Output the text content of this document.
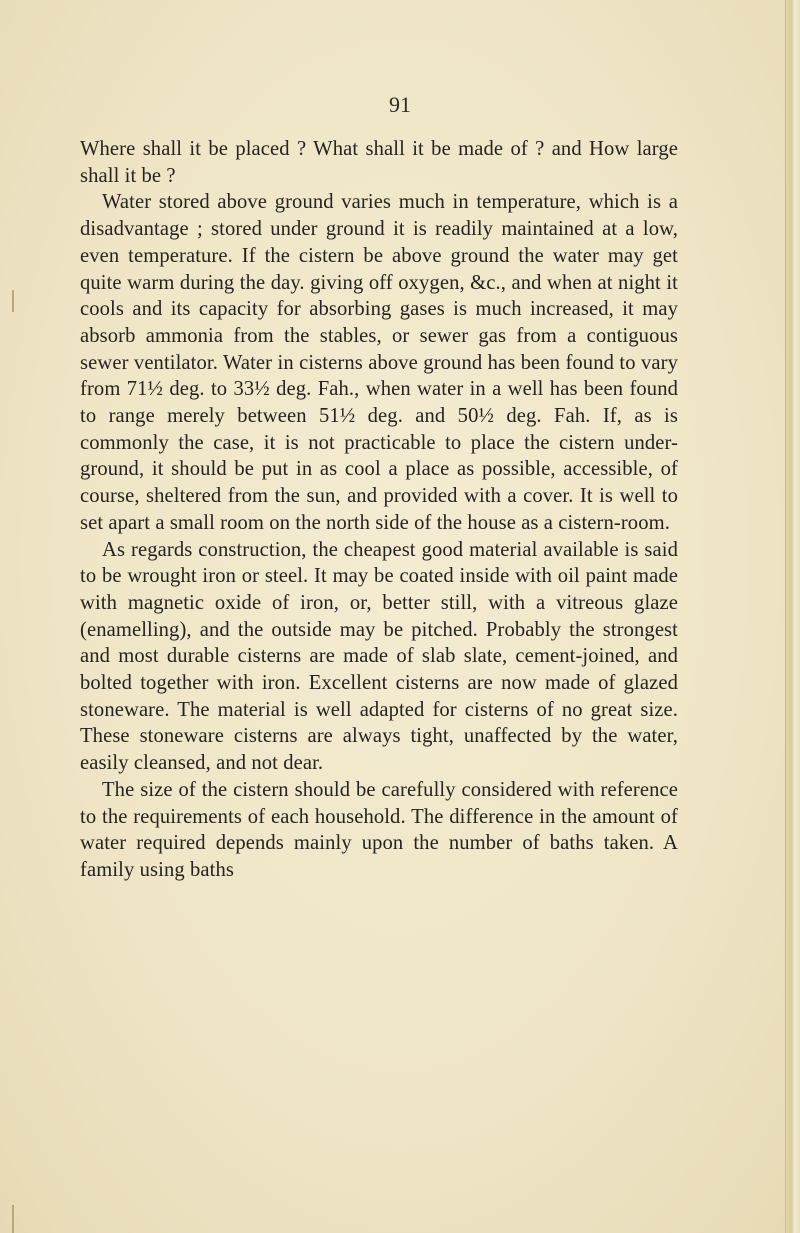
91

Where shall it be placed ? What shall it be made of ? and How large shall it be ?

Water stored above ground varies much in temperature, which is a disadvantage ; stored under ground it is readily maintained at a low, even temperature. If the cistern be above ground the water may get quite warm during the day. giving off oxygen, &c., and when at night it cools and its capacity for absorbing gases is much increased, it may absorb ammonia from the stables, or sewer gas from a contiguous sewer ventilator. Water in cisterns above ground has been found to vary from 71½ deg. to 33½ deg. Fah., when water in a well has been found to range merely between 51½ deg. and 50½ deg. Fah. If, as is commonly the case, it is not practicable to place the cistern under-ground, it should be put in as cool a place as possible, accessible, of course, sheltered from the sun, and provided with a cover. It is well to set apart a small room on the north side of the house as a cistern-room.

As regards construction, the cheapest good material available is said to be wrought iron or steel. It may be coated inside with oil paint made with magnetic oxide of iron, or, better still, with a vitreous glaze (enamelling), and the outside may be pitched. Probably the strongest and most durable cisterns are made of slab slate, cement-joined, and bolted together with iron. Excellent cisterns are now made of glazed stoneware. The material is well adapted for cisterns of no great size. These stoneware cisterns are always tight, unaffected by the water, easily cleansed, and not dear.

The size of the cistern should be carefully considered with reference to the requirements of each household. The difference in the amount of water required depends mainly upon the number of baths taken. A family using baths
